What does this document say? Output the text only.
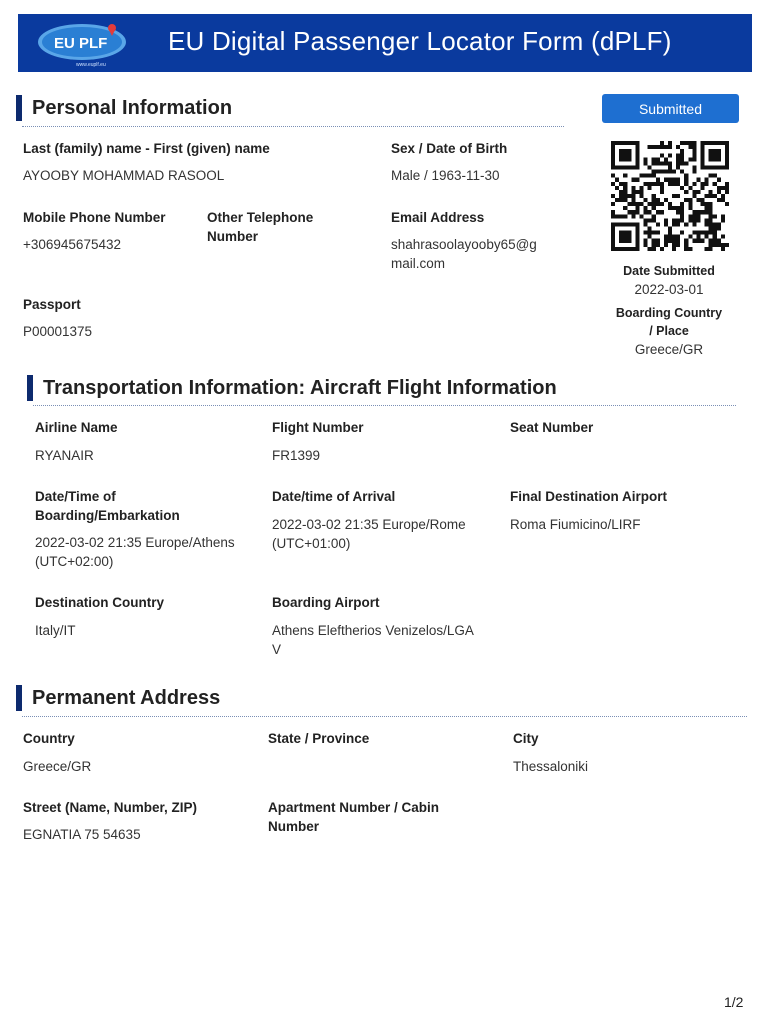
EU PLF
www.euplf.eu
EU Digital Passenger Locator Form (dPLF)
Personal Information	Submitted
Last (family) name - First (given) name
AYOOBY MOHAMMAD RASOOL
Sex / Date of Birth
Male / 1963-11-30
Mobile Phone Number
+306945675432
Other Telephone
Number
Email Address
shahrasoolayooby65@g
mail.com
Passport
P00001375
Date Submitted
2022-03-01
Boarding Country
/ Place
Greece/GR
Transportation Information: Aircraft Flight Information
Airline Name
RYANAIR
Flight Number
FR1399
Seat Number
Date/Time of
Boarding/Embarkation
2022-03-02 21:35 Europe/Athens
(UTC+02:00)
Date/time of Arrival
2022-03-02 21:35 Europe/Rome
(UTC+01:00)
Final Destination Airport
Roma Fiumicino/LIRF
Destination Country
Italy/IT
Boarding Airport
Athens Eleftherios Venizelos/LGA
V
Permanent Address
Country
Greece/GR
State / Province	City
Thessaloniki
Street (Name, Number, ZIP)
EGNATIA 75 54635
Apartment Number / Cabin
Number
1/2
